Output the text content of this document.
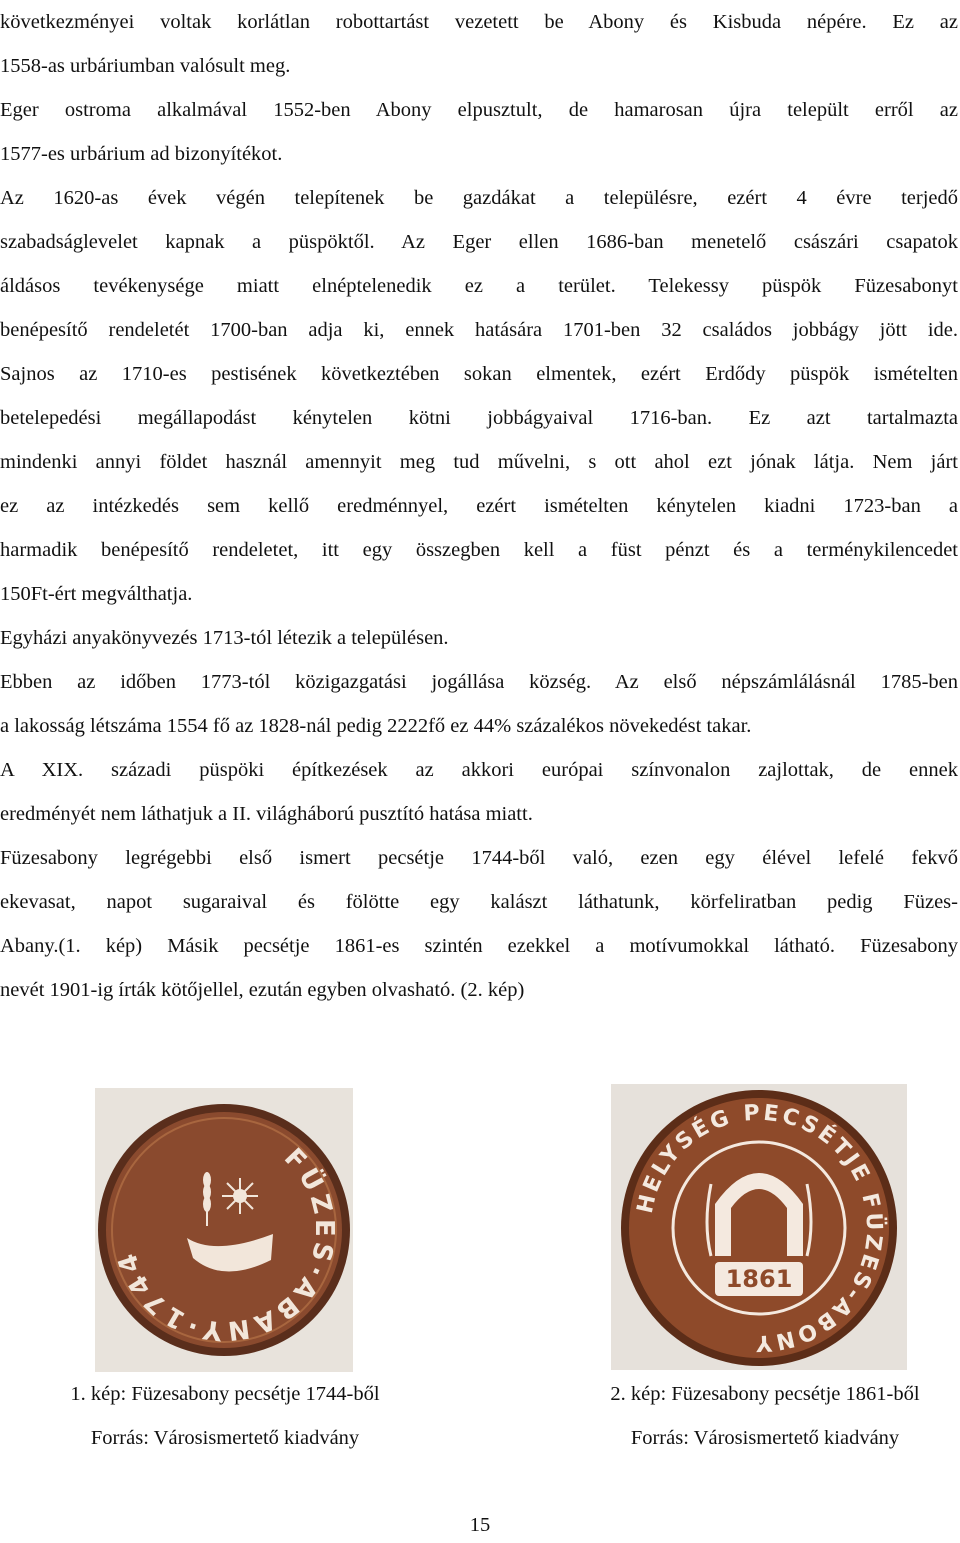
következményei voltak korlátlan robottartást vezetett be Abony és Kisbuda népére. Ez az

1558-as urbáriumban valósult meg.

Eger ostroma alkalmával 1552-ben Abony elpusztult, de hamarosan újra települt erről az

1577-es urbárium ad bizonyítékot.

Az 1620-as évek végén telepítenek be gazdákat a településre, ezért 4 évre terjedő

szabadságlevelet kapnak a püspöktől. Az Eger ellen 1686-ban menetelő császári csapatok

áldásos tevékenysége miatt elnéptelenedik ez a terület. Telekessy püspök Füzesabonyt

benépesítő rendeletét 1700-ban adja ki, ennek hatására 1701-ben 32 családos jobbágy jött ide.

Sajnos az 1710-es pestisének következtében sokan elmentek, ezért Erdődy püspök ismételten

betelepedési megállapodást kénytelen kötni jobbágyaival 1716-ban. Ez azt tartalmazta

mindenki annyi földet használ amennyit meg tud művelni, s ott ahol ezt jónak látja. Nem járt

ez az intézkedés sem kellő eredménnyel, ezért ismételten kénytelen kiadni 1723-ban a

harmadik benépesítő rendeletet, itt egy összegben kell a füst pénzt és a terménykilencedet

150Ft-ért megválthatja.

Egyházi anyakönyvezés 1713-tól létezik a településen.

Ebben az időben 1773-tól közigazgatási jogállása község. Az első népszámlálásnál 1785-ben

a lakosság létszáma 1554 fő az 1828-nál pedig 2222fő ez 44% százalékos növekedést takar.

A XIX. századi püspöki építkezések az akkori európai színvonalon zajlottak, de ennek

eredményét nem láthatjuk a II. világháború pusztító hatása miatt.

Füzesabony legrégebbi első ismert pecsétje 1744-ből való, ezen egy élével lefelé fekvő

ekevasat, napot sugaraival és fölötte egy kalászt láthatunk, körfeliratban pedig Füzes-

Abany.(1. kép) Másik pecsétje 1861-es szintén ezekkel a motívumokkal látható. Füzesabony

nevét 1901-ig írták kötőjellel, ezután egyben olvasható. (2. kép)

FÜZES·ABANY·1744
HELYSÉG PECSÉTJE FÜZES-ABONY
1861
1. kép: Füzesabony pecsétje 1744-ből
Forrás: Városismertető kiadvány
2. kép: Füzesabony pecsétje 1861-ből
Forrás: Városismertető kiadvány
15
